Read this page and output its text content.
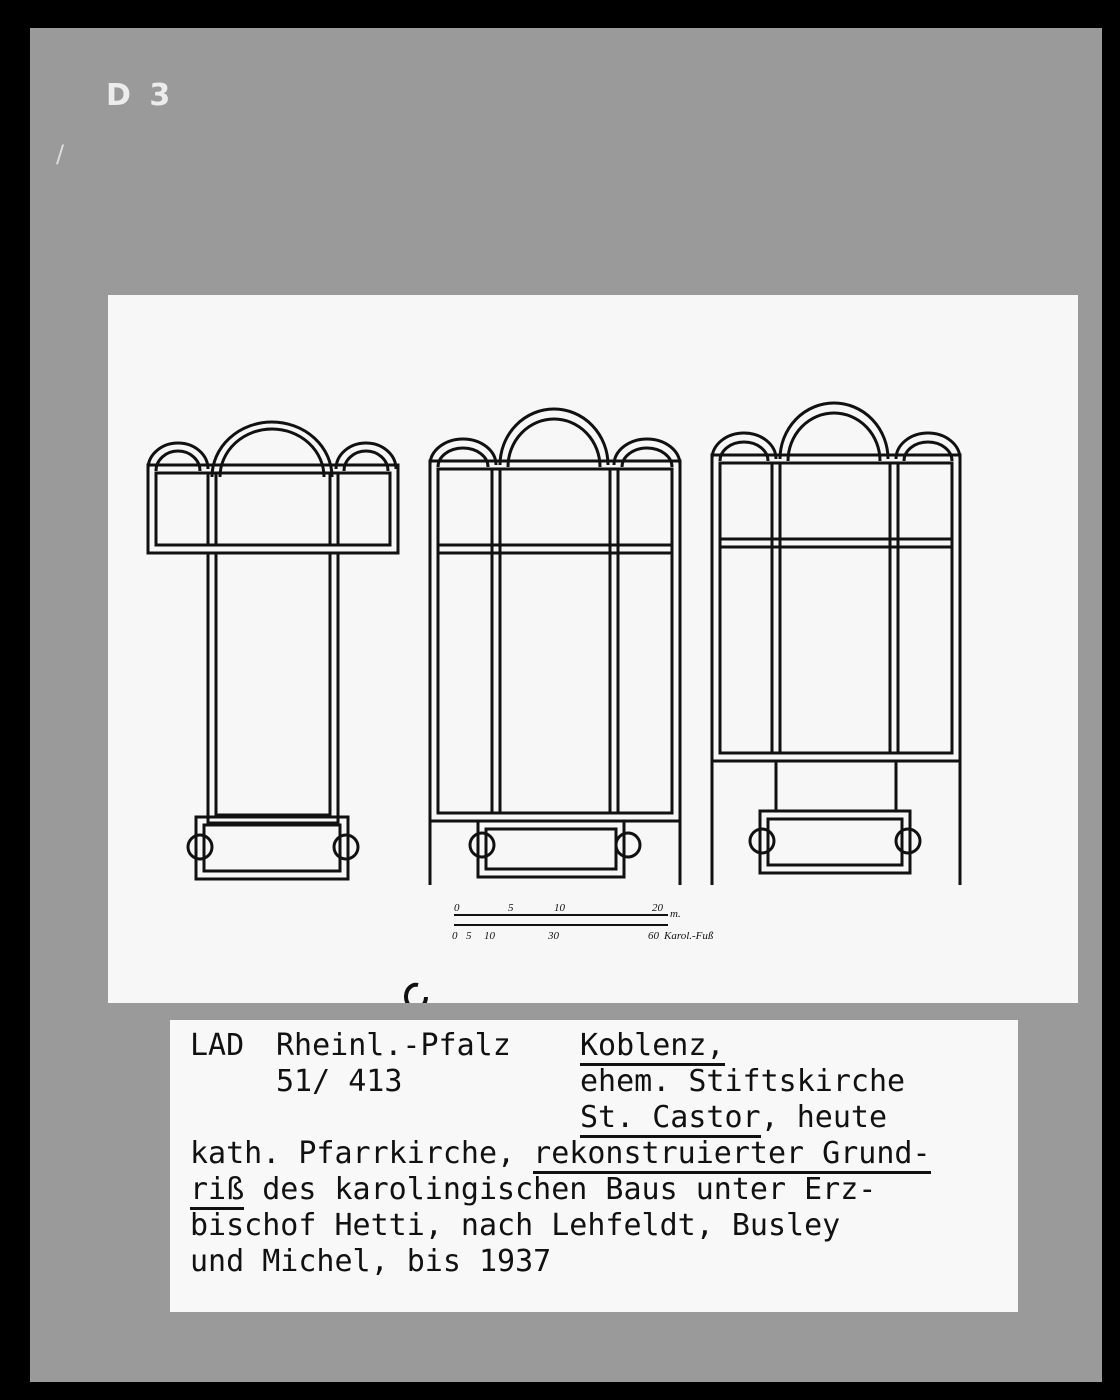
D 3
/
0	5	10	20 m.
0 5 10	30	60 Karol.-Fuß
LAD Rheinl.-Pfalz Koblenz,
51/ 413	ehem. Stiftskirche
St. Castor, heute
kath. Pfarrkirche, rekonstruierter Grund-
riß des karolingischen Baus unter Erz-
bischof Hetti, nach Lehfeldt, Busley
und Michel, bis 1937
